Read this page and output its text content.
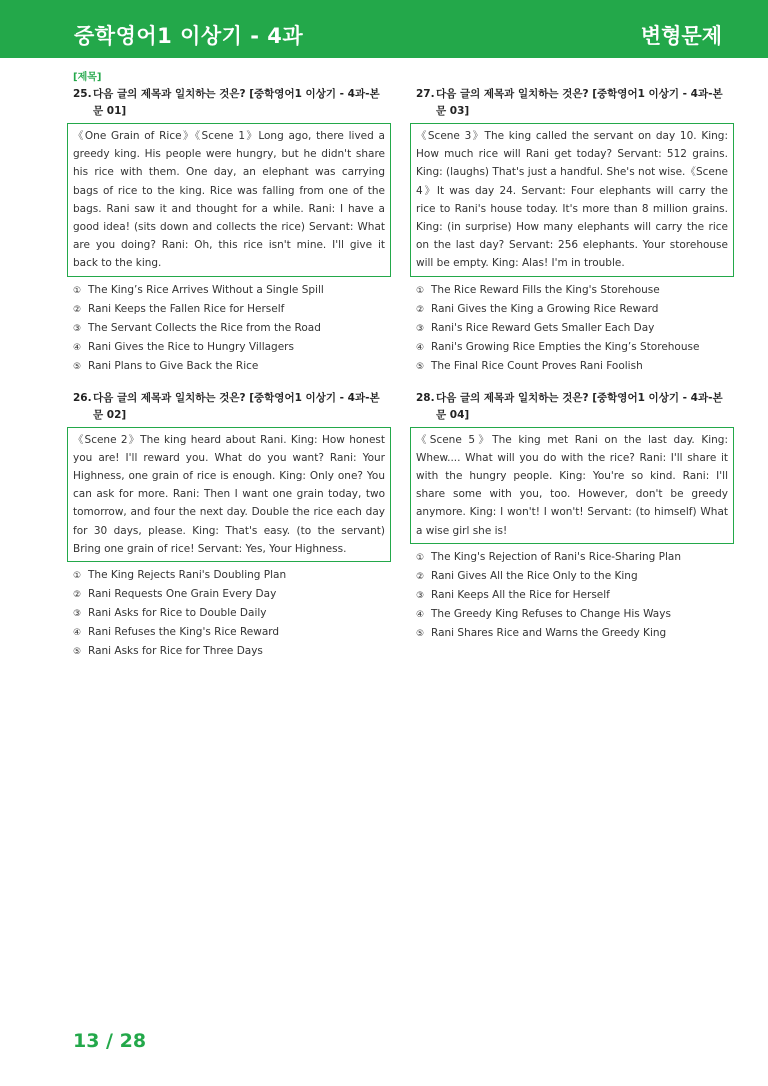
중학영어1 이상기 - 4과	변형문제
[제목]
25.다음 글의 제목과 일치하는 것은? [중학영어1 이상기 - 4과-본문 01]
《One Grain of Rice》《Scene 1》Long ago, there lived a greedy king. His people were hungry, but he didn't share his rice with them. One day, an elephant was carrying bags of rice to the king. Rice was falling from one of the bags. Rani saw it and thought for a while. Rani: I have a good idea! (sits down and collects the rice) Servant: What are you doing? Rani: Oh, this rice isn't mine. I'll give it back to the king.
① The King’s Rice Arrives Without a Single Spill
② Rani Keeps the Fallen Rice for Herself
③ The Servant Collects the Rice from the Road
④ Rani Gives the Rice to Hungry Villagers
⑤ Rani Plans to Give Back the Rice
26.다음 글의 제목과 일치하는 것은? [중학영어1 이상기 - 4과-본문 02]
《Scene 2》The king heard about Rani. King: How honest you are! I'll reward you. What do you want? Rani: Your Highness, one grain of rice is enough. King: Only one? You can ask for more. Rani: Then I want one grain today, two tomorrow, and four the next day. Double the rice each day for 30 days, please. King: That's easy. (to the servant) Bring one grain of rice! Servant: Yes, Your Highness.
① The King Rejects Rani's Doubling Plan
② Rani Requests One Grain Every Day
③ Rani Asks for Rice to Double Daily
④ Rani Refuses the King's Rice Reward
⑤ Rani Asks for Rice for Three Days
27.다음 글의 제목과 일치하는 것은? [중학영어1 이상기 - 4과-본문 03]
《Scene 3》The king called the servant on day 10. King: How much rice will Rani get today? Servant: 512 grains. King: (laughs) That's just a handful. She's not wise.《Scene 4》It was day 24. Servant: Four elephants will carry the rice to Rani's house today. It's more than 8 million grains. King: (in surprise) How many elephants will carry the rice on the last day? Servant: 256 elephants. Your storehouse will be empty. King: Alas! I'm in trouble.
① The Rice Reward Fills the King's Storehouse
② Rani Gives the King a Growing Rice Reward
③ Rani's Rice Reward Gets Smaller Each Day
④ Rani's Growing Rice Empties the King’s Storehouse
⑤ The Final Rice Count Proves Rani Foolish
28.다음 글의 제목과 일치하는 것은? [중학영어1 이상기 - 4과-본문 04]
《Scene 5》The king met Rani on the last day. King: Whew.... What will you do with the rice? Rani: I'll share it with the hungry people. King: You're so kind. Rani: I'll share some with you, too. However, don't be greedy anymore. King: I won't! I won't! Servant: (to himself) What a wise girl she is!
① The King's Rejection of Rani's Rice-Sharing Plan
② Rani Gives All the Rice Only to the King
③ Rani Keeps All the Rice for Herself
④ The Greedy King Refuses to Change His Ways
⑤ Rani Shares Rice and Warns the Greedy King
13 / 28
